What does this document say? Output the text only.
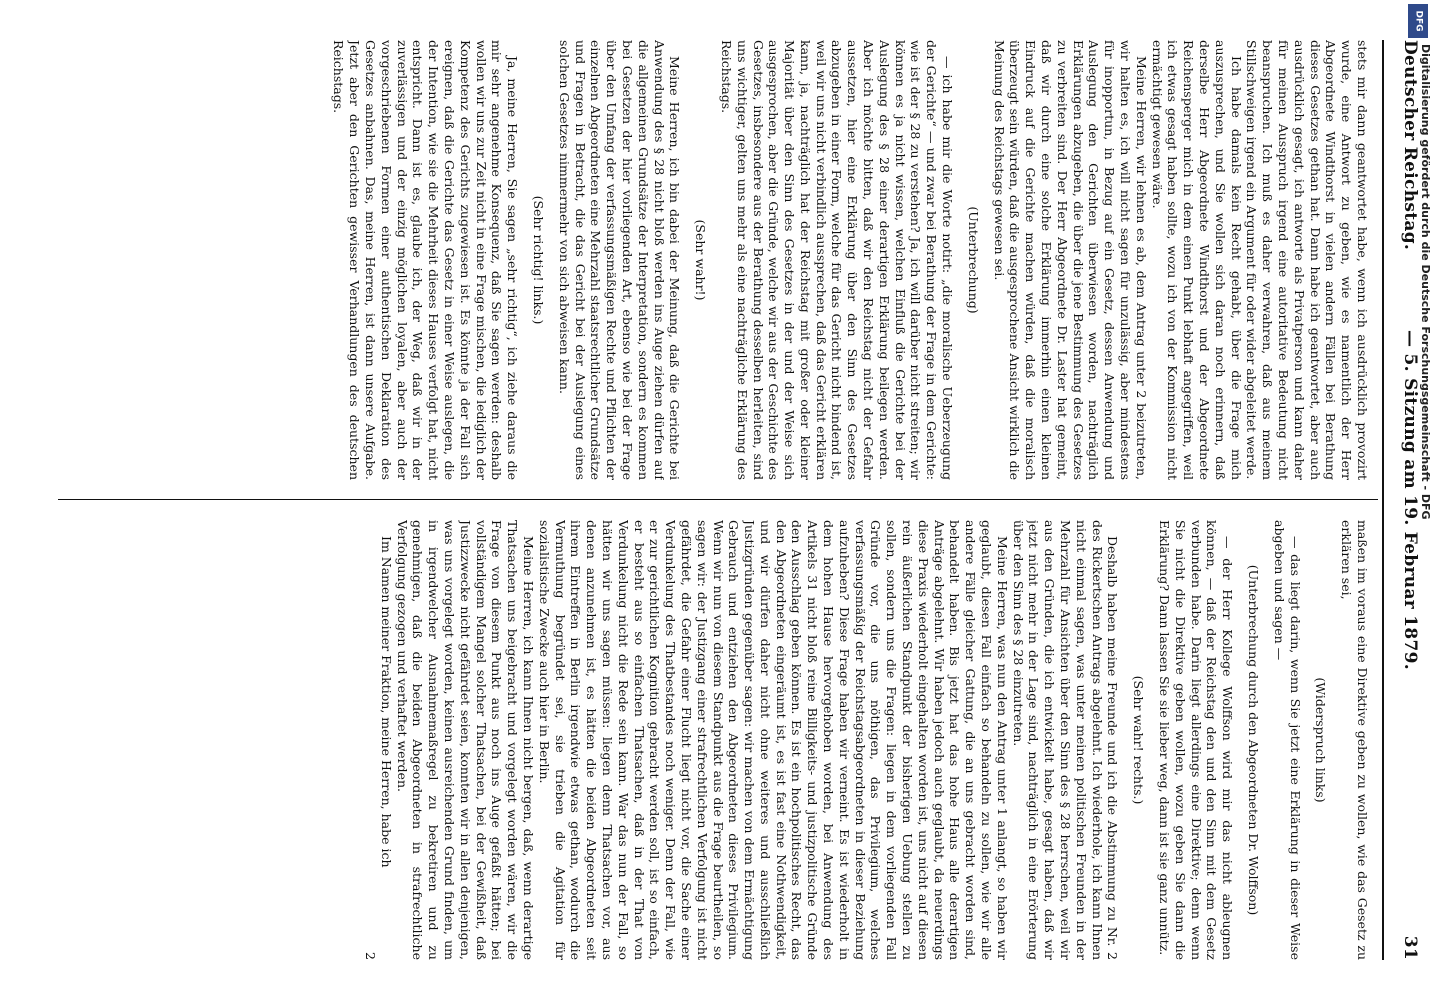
Deutscher Reichstag.
— 5. Sitzung am 19. Februar 1879.
31

stets mir dann geantwortet habe, wenn ich ausdrücklich provozirt wurde, eine Antwort zu geben, wie es namentlich der Herr Abgeordnete Windthorst in vielen andern Fällen bei Berathung dieses Gesetzes gethan hat. Dann habe ich geantwortet, aber auch ausdrücklich gesagt, ich antworte als Privatperson und kann daher für meinen Ausspruch irgend eine autoritative Bedeutung nicht beanspruchen. Ich muß es daher verwahren, daß aus meinem Stillschweigen irgend ein Argument für oder wider abgeleitet werde.

Ich habe damals kein Recht gehabt, über die Frage mich auszusprechen, und Sie wollen sich daran noch erinnern, daß derselbe Herr Abgeordnete Windthorst und der Abgeordnete Reichensperger mich in dem einen Punkt lebhaft angegriffen, weil ich etwas gesagt haben sollte, wozu ich von der Kommission nicht ermächtigt gewesen wäre.

Meine Herren, wir lehnen es ab, dem Antrag unter 2 beizutreten, wir halten es, ich will nicht sagen für unzulässig, aber mindestens für inopportun, in Bezug auf ein Gesetz, dessen Anwendung und Auslegung den Gerichten überwiesen worden, nachträglich Erklärungen abzugeben, die über die jene Bestimmung des Gesetzes zu verbreiten sind. Der Herr Abgeordnete Dr. Laster hat gemeint, daß wir durch eine solche Erklärung immerhin einen kleinen Eindruck auf die Gerichte machen würden, daß die moralisch überzeugt sein würden, daß die ausgesprochene Ansicht wirklich die Meinung des Reichstags gewesen sei.

(Unterbrechung)

— ich habe mir die Worte notirt: „die moralische Ueberzeugung der Gerichte“ — und zwar bei Berathung der Frage in dem Gerichte: wie ist der § 28 zu verstehen? Ja, ich will darüber nicht streiten; wir können es ja nicht wissen, welchen Einfluß die Gerichte bei der Auslegung des § 28 einer derartigen Erklärung beilegen werden. Aber ich möchte bitten, daß wir den Reichstag nicht der Gefahr aussetzen, hier eine Erklärung über den Sinn des Gesetzes abzugeben in einer Form, welche für das Gericht nicht bindend ist, weil wir uns nicht verbindlich aussprechen, daß das Gericht erklären kann, ja, nachträglich hat der Reichstag mit großer oder kleiner Majorität über den Sinn des Gesetzes in der und der Weise sich ausgesprochen, aber die Gründe, welche wir aus der Geschichte des Gesetzes, insbesondere aus der Berathung desselben herleiten, sind uns wichtiger, gelten uns mehr als eine nachträgliche Erklärung des Reichstags.

(Sehr wahr!)

Meine Herren, ich bin dabei der Meinung, daß die Gerichte bei Anwendung des § 28 nicht bloß werden ins Auge ziehen dürfen auf die allgemeinen Grundsätze der Interpretation, sondern es kommen bei Gesetzen der hier vorliegenden Art, ebenso wie bei der Frage über den Umfang der verfassungsmäßigen Rechte und Pflichten der einzelnen Abgeordneten eine Mehrzahl staatsrechtlicher Grundsätze und Fragen in Betracht, die das Gericht bei der Auslegung eines solchen Gesetzes nimmermehr von sich abweisen kann.

(Sehr richtig! links.)

Ja, meine Herren, Sie sagen „sehr richtig“, ich ziehe daraus die mir sehr angenehme Konsequenz, daß Sie sagen werden: deshalb wollen wir uns zur Zeit nicht in eine Frage mischen, die lediglich der Kompetenz des Gerichts zugewiesen ist. Es könnte ja der Fall sich ereignen, daß die Gerichte das Gesetz in einer Weise auslegen, die der Intention, wie sie die Mehrheit dieses Hauses verfolgt hat, nicht entspricht. Dann ist es, glaube ich, der Weg, daß wir in der zuverlässigen und der einzig möglichen loyalen, aber auch der vorgeschriebenen Formen einer authentischen Deklaration des Gesetzes anbahnen. Das, meine Herren, ist dann unsere Aufgabe. Jetzt aber den Gerichten gewisser Verhandlungen des deutschen Reichstags.

maßen im voraus eine Direktive geben zu wollen, wie das Gesetz zu erklären sei,

(Widerspruch links)

— das liegt darin, wenn Sie jetzt eine Erklärung in dieser Weise abgeben und sagen —

(Unterbrechung durch den Abgeordneten Dr. Wolffson)

— der Herr Kollege Wolffson wird mir das nicht ableugnen können, — daß der Reichstag den und den Sinn mit dem Gesetz verbunden habe. Darin liegt allerdings eine Direktive; denn wenn Sie nicht die Direktive geben wollen, wozu geben Sie dann die Erklärung? Dann lassen Sie sie lieber weg, dann ist sie ganz unnütz.

(Sehr wahr! rechts.)

Deshalb haben meine Freunde und ich die Abstimmung zu Nr. 2 des Rickertschen Antrags abgelehnt. Ich wiederhole, ich kann Ihnen nicht einmal sagen, was unter meinen politischen Freunden in der Mehrzahl für Ansichten über den Sinn des § 28 herrschen, weil wir aus den Gründen, die ich entwickelt habe, gesagt haben, daß wir jetzt nicht mehr in der Lage sind, nachträglich in eine Erörterung über den Sinn des § 28 einzutreten.

Meine Herren, was nun den Antrag unter 1 anlangt, so haben wir geglaubt, diesen Fall einfach so behandeln zu sollen, wie wir alle andere Fälle gleicher Gattung, die an uns gebracht worden sind, behandelt haben. Bis jetzt hat das hohe Haus alle derartigen Anträge abgelehnt. Wir haben jedoch auch geglaubt, da neuerdings diese Praxis wiederholt eingehalten worden ist, uns nicht auf diesen rein äußerlichen Standpunkt der bisherigen Uebung stellen zu sollen, sondern uns die Fragen: liegen in dem vorliegenden Fall Gründe vor, die uns nöthigen, das Privilegium, welches verfassungsmäßig der Reichstagsabgeordneten in dieser Beziehung aufzuheben? Diese Frage haben wir verneint. Es ist wiederholt in dem hohen Hause hervorgehoben worden, bei Anwendung des Artikels 31 nicht bloß reine Billigkeits- und justizpolitische Gründe den Ausschlag geben können. Es ist ein hochpolitisches Recht, das den Abgeordneten eingeräumt ist, es ist fast eine Nothwendigkeit, und wir dürfen daher nicht ohne weiteres und ausschließlich Justizgründen gegenüber sagen: wir machen von dem Ermächtigung Gebrauch und entziehen den Abgeordneten dieses Privilegium. Wenn wir nun von diesem Standpunkt aus die Frage beurtheilen, so sagen wir: der Justizgang einer strafrechtlichen Verfolgung ist nicht gefährdet, die Gefahr einer Flucht liegt nicht vor, die Sache einer Verdunkelung des Thatbestandes noch weniger. Denn der Fall, wie er zur gerichtlichen Kognition gebracht werden soll, ist so einfach, er besteht aus so einfachen Thatsachen, daß in der That von Verdunkelung nicht die Rede sein kann. War das nun der Fall, so hätten wir uns sagen müssen: liegen denn Thatsachen vor, aus denen anzunehmen ist, es hätten die beiden Abgeordneten seit ihrem Eintreffen in Berlin irgendwie etwas gethan, wodurch die Vermuthung begründet sei, sie trieben die Agitation für sozialistische Zwecke auch hier in Berlin.

Meine Herren, ich kann Ihnen nicht bergen, daß, wenn derartige Thatsachen uns beigebracht und vorgelegt worden wären, wir die Frage von diesem Punkt aus noch ins Auge gefaßt hätten; bei vollständigem Mangel solcher Thatsachen, bei der Gewißheit, daß Justizzwecke nicht gefährdet seien, konnten wir in allen denjenigen, was uns vorgelegt worden, keinen ausreichenden Grund finden, um in irgendwelcher Ausnahmemaßregel zu bekretiren und zu genehmigen, daß die beiden Abgeordneten in strafrechtliche Verfolgung gezogen und verhaftet werden.

Im Namen meiner Fraktion, meine Herren, habe ich

2

DFG
Digitalisierung gefördert durch die Deutsche Forschungsgemeinschaft - DFG
